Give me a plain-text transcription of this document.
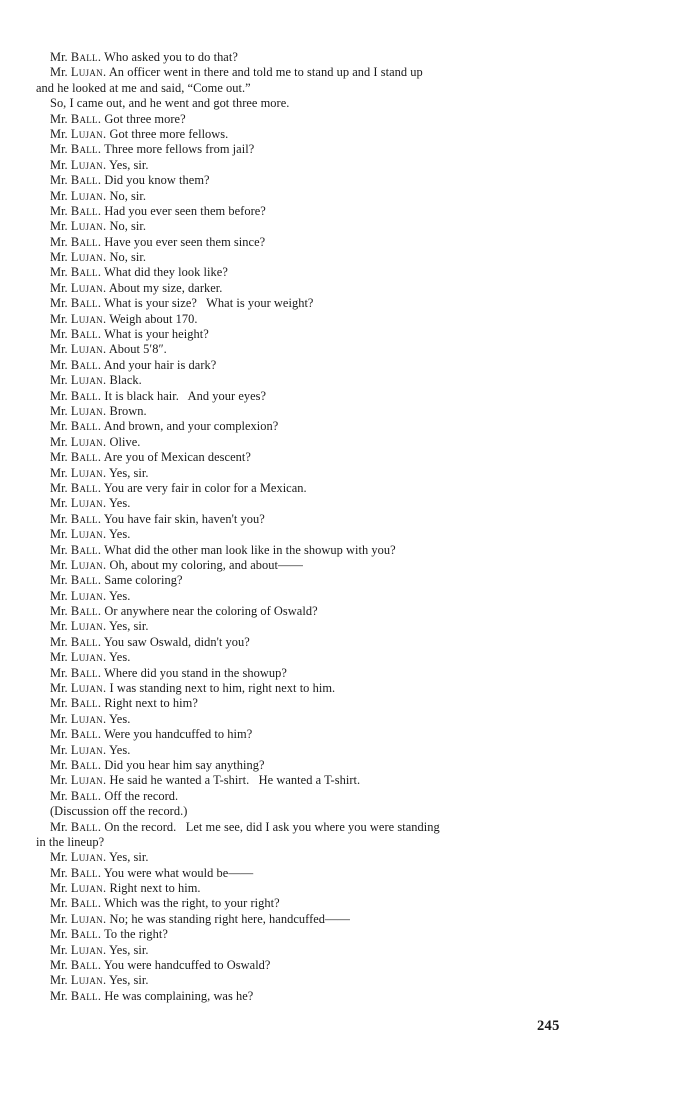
Mr. Ball. Who asked you to do that?
Mr. Lujan. An officer went in there and told me to stand up and I stand up
and he looked at me and said, “Come out.”
So, I came out, and he went and got three more.
Mr. Ball. Got three more?
Mr. Lujan. Got three more fellows.
Mr. Ball. Three more fellows from jail?
Mr. Lujan. Yes, sir.
Mr. Ball. Did you know them?
Mr. Lujan. No, sir.
Mr. Ball. Had you ever seen them before?
Mr. Lujan. No, sir.
Mr. Ball. Have you ever seen them since?
Mr. Lujan. No, sir.
Mr. Ball. What did they look like?
Mr. Lujan. About my size, darker.
Mr. Ball. What is your size?   What is your weight?
Mr. Lujan. Weigh about 170.
Mr. Ball. What is your height?
Mr. Lujan. About 5′8″.
Mr. Ball. And your hair is dark?
Mr. Lujan. Black.
Mr. Ball. It is black hair.   And your eyes?
Mr. Lujan. Brown.
Mr. Ball. And brown, and your complexion?
Mr. Lujan. Olive.
Mr. Ball. Are you of Mexican descent?
Mr. Lujan. Yes, sir.
Mr. Ball. You are very fair in color for a Mexican.
Mr. Lujan. Yes.
Mr. Ball. You have fair skin, haven't you?
Mr. Lujan. Yes.
Mr. Ball. What did the other man look like in the showup with you?
Mr. Lujan. Oh, about my coloring, and about——
Mr. Ball. Same coloring?
Mr. Lujan. Yes.
Mr. Ball. Or anywhere near the coloring of Oswald?
Mr. Lujan. Yes, sir.
Mr. Ball. You saw Oswald, didn't you?
Mr. Lujan. Yes.
Mr. Ball. Where did you stand in the showup?
Mr. Lujan. I was standing next to him, right next to him.
Mr. Ball. Right next to him?
Mr. Lujan. Yes.
Mr. Ball. Were you handcuffed to him?
Mr. Lujan. Yes.
Mr. Ball. Did you hear him say anything?
Mr. Lujan. He said he wanted a T-shirt.   He wanted a T-shirt.
Mr. Ball. Off the record.
(Discussion off the record.)
Mr. Ball. On the record.   Let me see, did I ask you where you were standing
in the lineup?
Mr. Lujan. Yes, sir.
Mr. Ball. You were what would be——
Mr. Lujan. Right next to him.
Mr. Ball. Which was the right, to your right?
Mr. Lujan. No; he was standing right here, handcuffed——
Mr. Ball. To the right?
Mr. Lujan. Yes, sir.
Mr. Ball. You were handcuffed to Oswald?
Mr. Lujan. Yes, sir.
Mr. Ball. He was complaining, was he?
245
